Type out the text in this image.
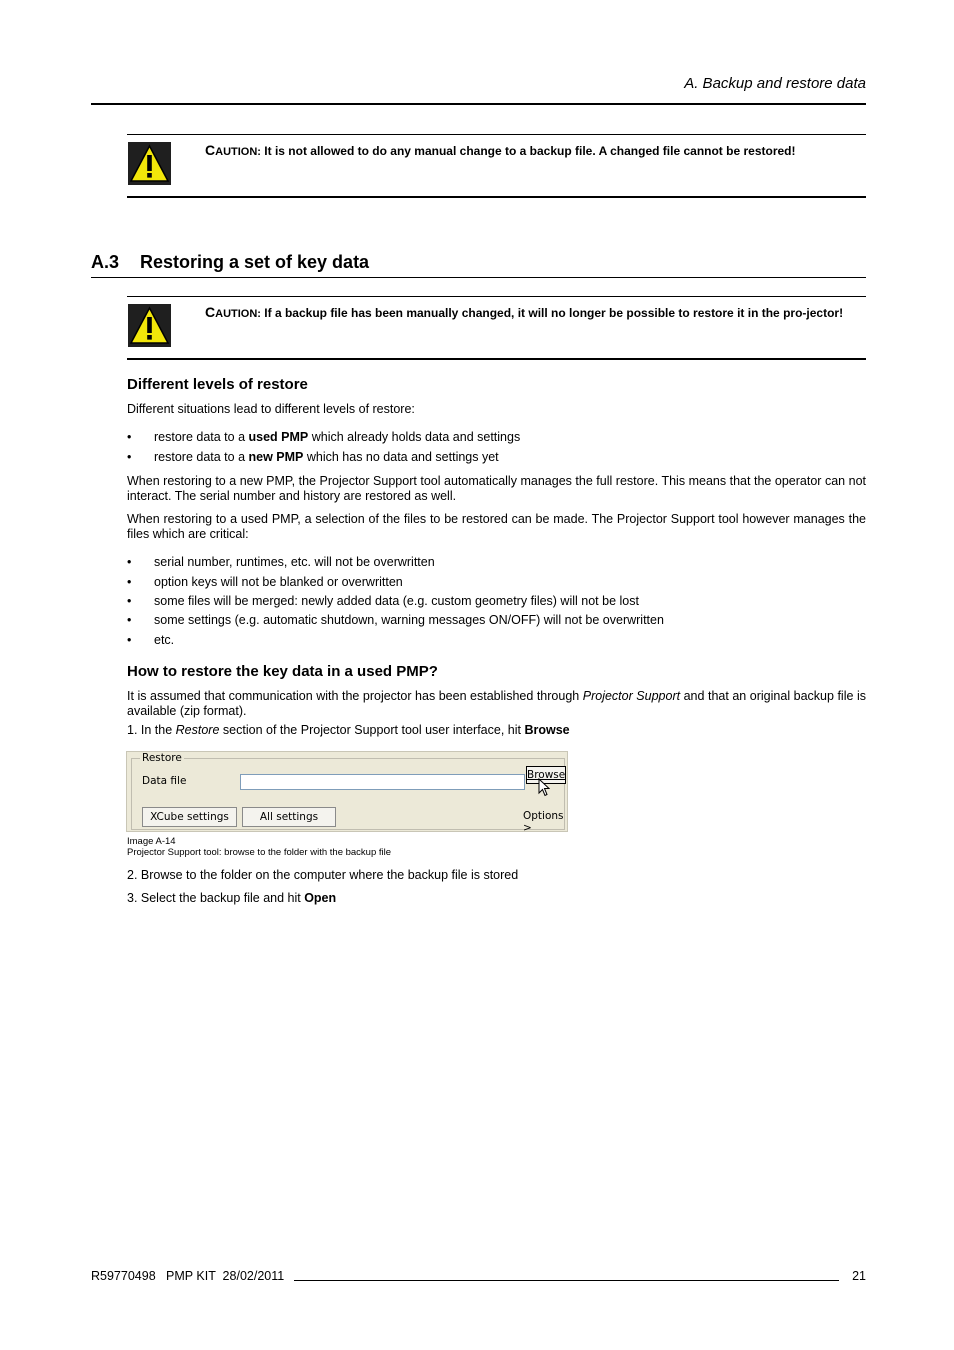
A. Backup and restore data
CAUTION: It is not allowed to do any manual change to a backup file. A changed file cannot be restored!
A.3 Restoring a set of key data
CAUTION: If a backup file has been manually changed, it will no longer be possible to restore it in the pro-jector!
Different levels of restore
Different situations lead to different levels of restore:
• restore data to a used PMP which already holds data and settings
• restore data to a new PMP which has no data and settings yet
When restoring to a new PMP, the Projector Support tool automatically manages the full restore. This means that the operator can not interact. The serial number and history are restored as well.
When restoring to a used PMP, a selection of the files to be restored can be made. The Projector Support tool however manages the files which are critical:
• serial number, runtimes, etc. will not be overwritten
• option keys will not be blanked or overwritten
• some files will be merged: newly added data (e.g. custom geometry files) will not be lost
• some settings (e.g. automatic shutdown, warning messages ON/OFF) will not be overwritten
• etc.
How to restore the key data in a used PMP?
It is assumed that communication with the projector has been established through Projector Support and that an original backup file is available (zip format).
1. In the Restore section of the Projector Support tool user interface, hit Browse
Restore
Data file
XCube settings	All settings	Options >
Browse
Image A-14
Projector Support tool: browse to the folder with the backup file
2. Browse to the folder on the computer where the backup file is stored
3. Select the backup file and hit Open
R59770498   PMP KIT  28/02/2011	21
